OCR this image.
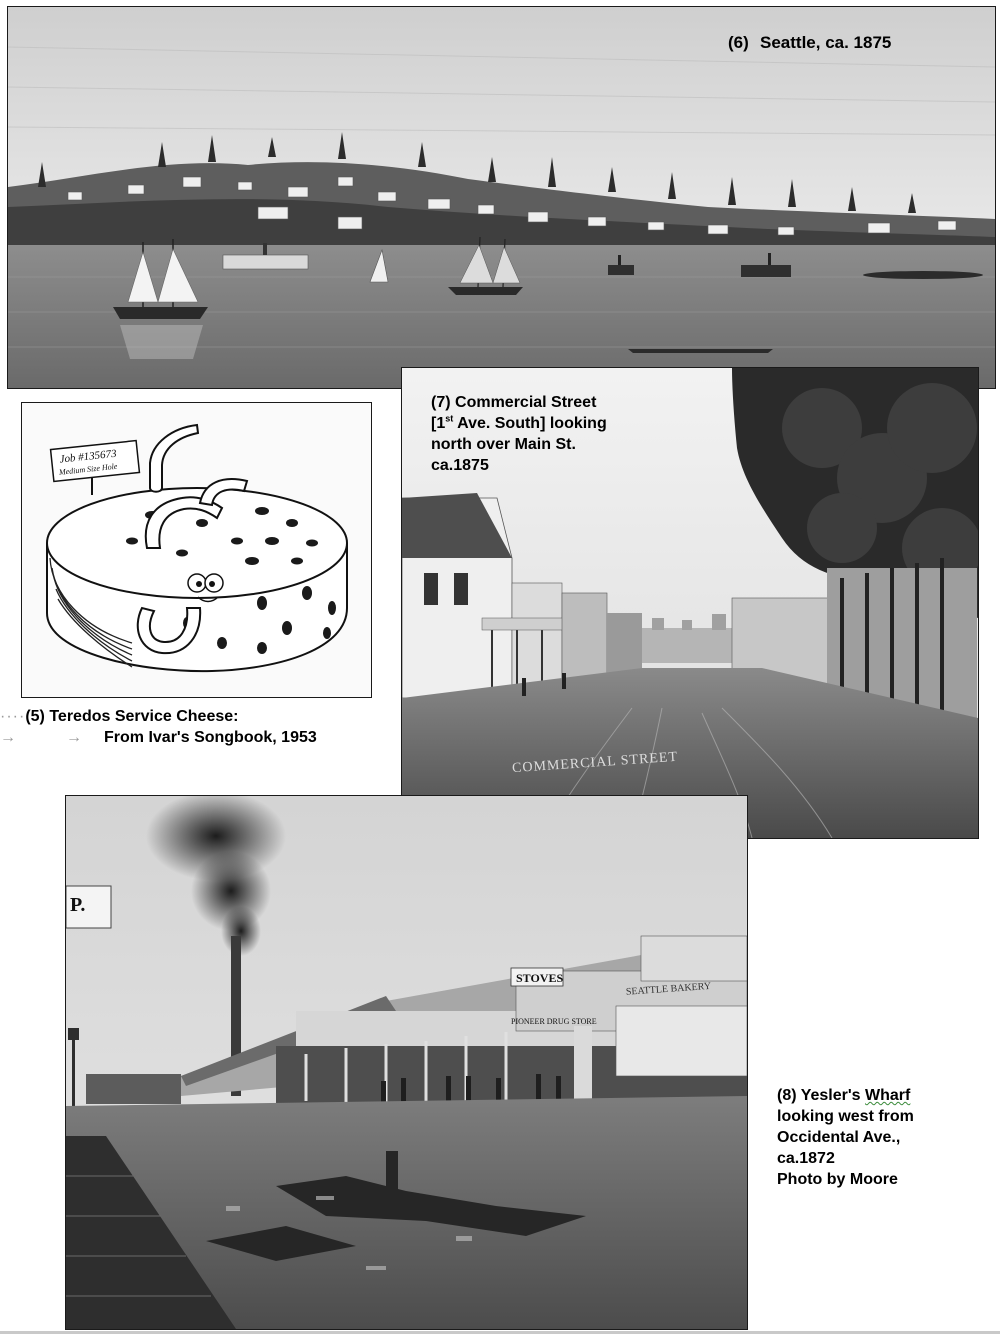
(6) Seattle, ca. 1875
Job #135673
Medium Size Hole
····(5) Teredos Service Cheese:
→	→ From Ivar's Songbook, 1953
COMMERCIAL STREET
(7) Commercial Street
[1st Ave. South] looking
north over Main St.
ca.1875
P.
STOVES
PIONEER DRUG STORE
SEATTLE BAKERY
(8) Yesler's Wharf
looking west from
Occidental Ave.,
ca.1872
Photo by Moore
